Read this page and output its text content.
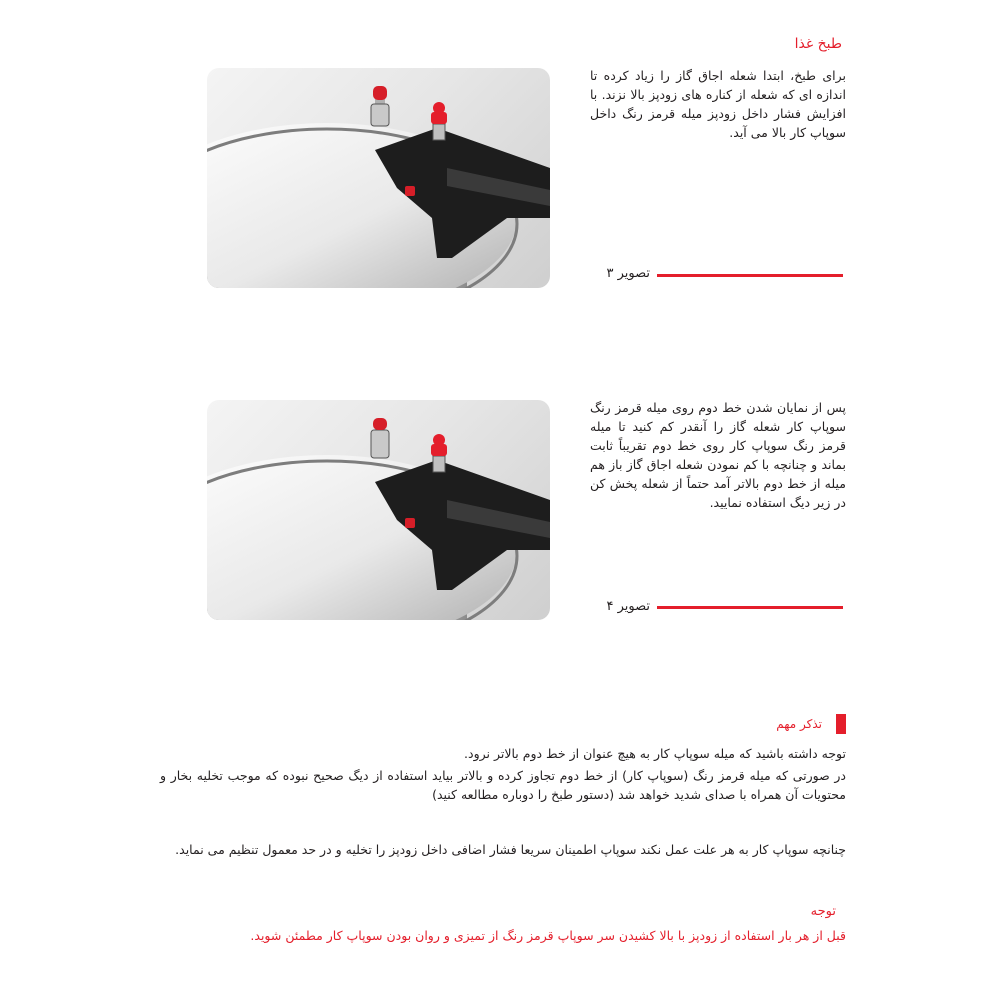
طبخ غذا
برای طبخ، ابتدا شعله اجاق گاز را زیاد کرده تا اندازه ای که شعله از کناره های زودپز بالا نزند. با افزایش فشار داخل زودپز میله قرمز رنگ داخل سوپاپ کار بالا می آید.
تصویر ۳
پس از نمایان شدن خط دوم روی میله قرمز رنگ سوپاپ کار شعله گاز را آنقدر کم کنید تا میله قرمز رنگ سوپاپ کار روی خط دوم تقریباً ثابت بماند و چنانچه با کم نمودن شعله اجاق گاز باز هم میله از خط دوم بالاتر آمد حتماً از شعله پخش کن در زیر دیگ استفاده نمایید.
تصویر ۴
تذکر مهم
توجه داشته باشید که میله سوپاپ کار به هیچ عنوان از خط دوم بالاتر نرود.
در صورتی که میله قرمز رنگ (سوپاپ کار) از خط دوم تجاوز کرده و بالاتر بیاید استفاده از دیگ صحیح نبوده که موجب تخلیه بخار و محتویات آن همراه با صدای شدید خواهد شد (دستور طبخ را دوباره مطالعه کنید)
چنانچه سوپاپ کار به هر علت عمل نکند سوپاپ اطمینان سریعا فشار اضافی داخل زودپز را تخلیه و در حد معمول تنظیم می نماید.
توجه
قبل از هر بار استفاده از زودپز با بالا کشیدن سر سوپاپ قرمز رنگ از تمیزی و روان بودن سوپاپ کار مطمئن شوید.
